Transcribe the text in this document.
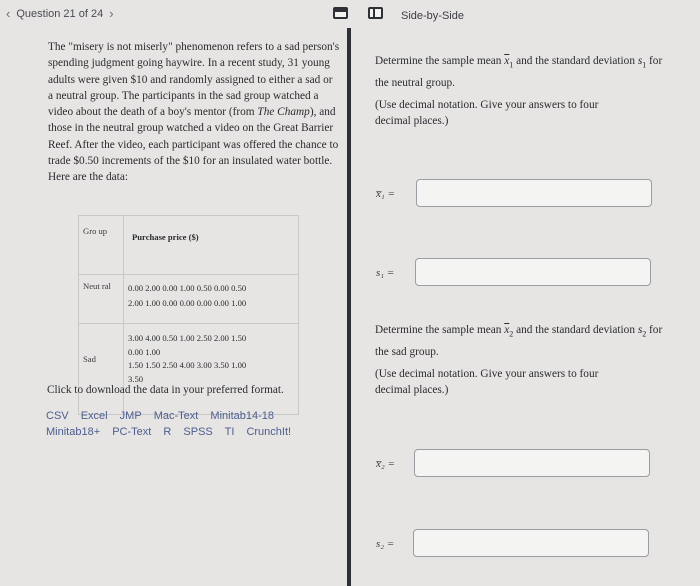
‹ Question 21 of 24 ›	Side-by-Side
The "misery is not miserly" phenomenon refers to a sad person's spending judgment going haywire. In a recent study, 31 young adults were given $10 and randomly assigned to either a sad or a neutral group. The participants in the sad group watched a video about the death of a boy's mentor (from The Champ), and those in the neutral group watched a video on the Great Barrier Reef. After the video, each participant was offered the chance to trade $0.50 increments of the $10 for an insulated water bottle. Here are the data:
Gro up	Purchase price ($)
Neut ral	0.00 2.00 0.00 1.00 0.50 0.00 0.50
2.00 1.00 0.00 0.00 0.00 0.00 1.00

Sad	3.00 4.00 0.50 1.00 2.50 2.00 1.50
0.00 1.00
1.50 1.50 2.50 4.00 3.00 3.50 1.00
3.50
Click to download the data in your preferred format.
CSV Excel JMP Mac-Text Minitab14-18 Minitab18+ PC-Text R SPSS TI CrunchIt!
Determine the sample mean $\overline{x}_1$ and the standard deviation $s_1$ for the neutral group.
(Use decimal notation. Give your answers to four decimal places.)
x̅₁ =
s₁ =
Determine the sample mean $\overline{x}_2$ and the standard deviation $s_2$ for the sad group.
(Use decimal notation. Give your answers to four decimal places.)
x̅₂ =
s₂ =
